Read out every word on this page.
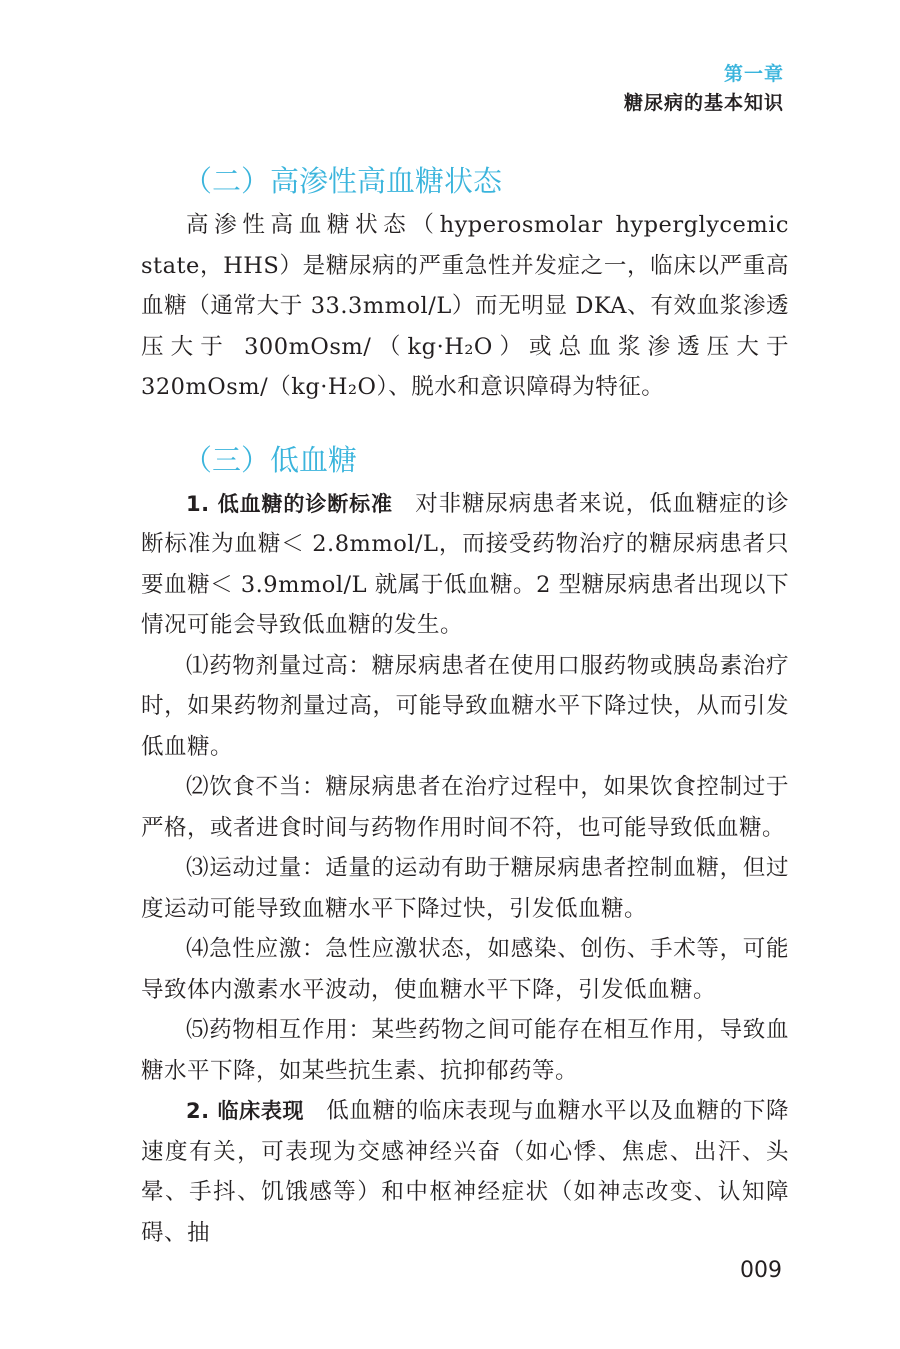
第一章
糖尿病的基本知识
（二）高渗性高血糖状态

高渗性高血糖状态（hyperosmolar hyperglycemic state，HHS）是糖尿病的严重急性并发症之一，临床以严重高血糖（通常大于 33.3mmol/L）而无明显 DKA、有效血浆渗透压大于 300mOsm/（kg·H₂O）或总血浆渗透压大于 320mOsm/（kg·H₂O）、脱水和意识障碍为特征。

（三）低血糖

1. 低血糖的诊断标准 对非糖尿病患者来说，低血糖症的诊断标准为血糖＜ 2.8mmol/L，而接受药物治疗的糖尿病患者只要血糖＜ 3.9mmol/L 就属于低血糖。2 型糖尿病患者出现以下情况可能会导致低血糖的发生。

⑴药物剂量过高：糖尿病患者在使用口服药物或胰岛素治疗时，如果药物剂量过高，可能导致血糖水平下降过快，从而引发低血糖。

⑵饮食不当：糖尿病患者在治疗过程中，如果饮食控制过于严格，或者进食时间与药物作用时间不符，也可能导致低血糖。

⑶运动过量：适量的运动有助于糖尿病患者控制血糖，但过度运动可能导致血糖水平下降过快，引发低血糖。

⑷急性应激：急性应激状态，如感染、创伤、手术等，可能导致体内激素水平波动，使血糖水平下降，引发低血糖。

⑸药物相互作用：某些药物之间可能存在相互作用，导致血糖水平下降，如某些抗生素、抗抑郁药等。

2. 临床表现 低血糖的临床表现与血糖水平以及血糖的下降速度有关，可表现为交感神经兴奋（如心悸、焦虑、出汗、头晕、手抖、饥饿感等）和中枢神经症状（如神志改变、认知障碍、抽

009
